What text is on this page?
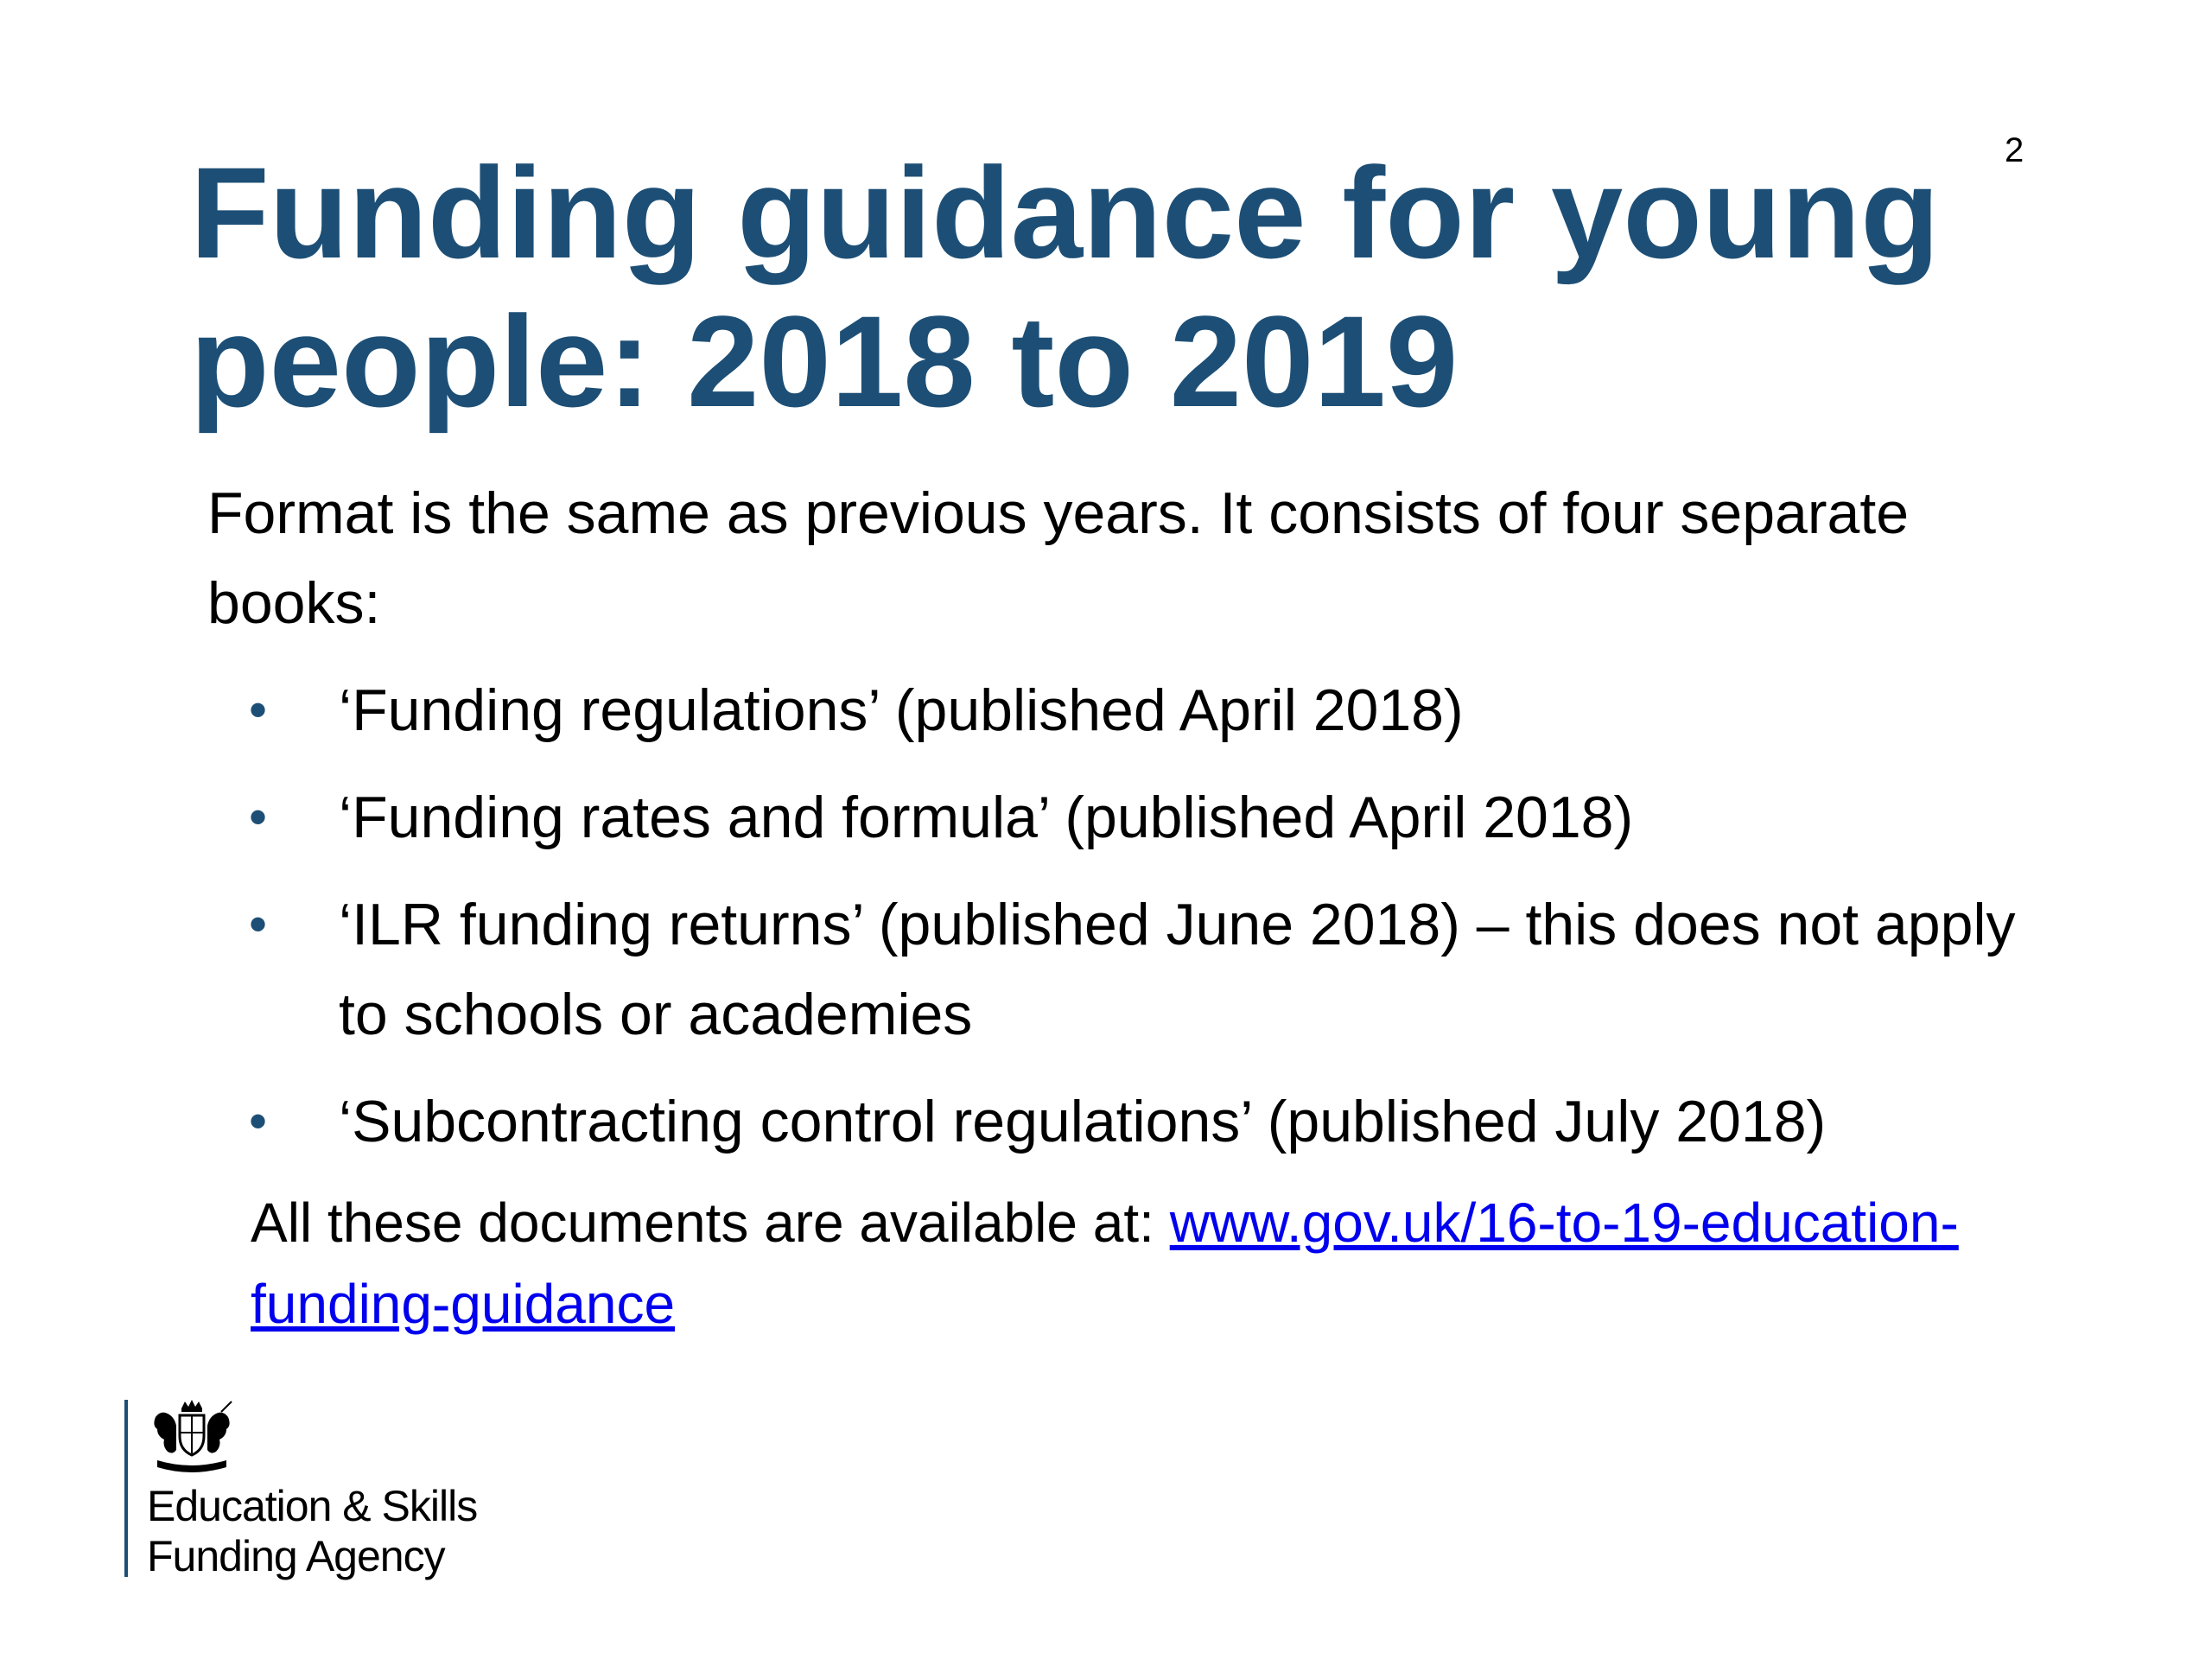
2
Funding guidance for young people: 2018 to 2019

Format is the same as previous years. It consists of four separate books:

• ‘Funding regulations’ (published April 2018)
• ‘Funding rates and formula’ (published April 2018)
• ‘ILR funding returns’ (published June 2018) – this does not apply to schools or academies
• ‘Subcontracting control regulations’ (published July 2018)

All these documents are available at: www.gov.uk/16-to-19-education-funding-guidance

Education & Skills
Funding Agency
